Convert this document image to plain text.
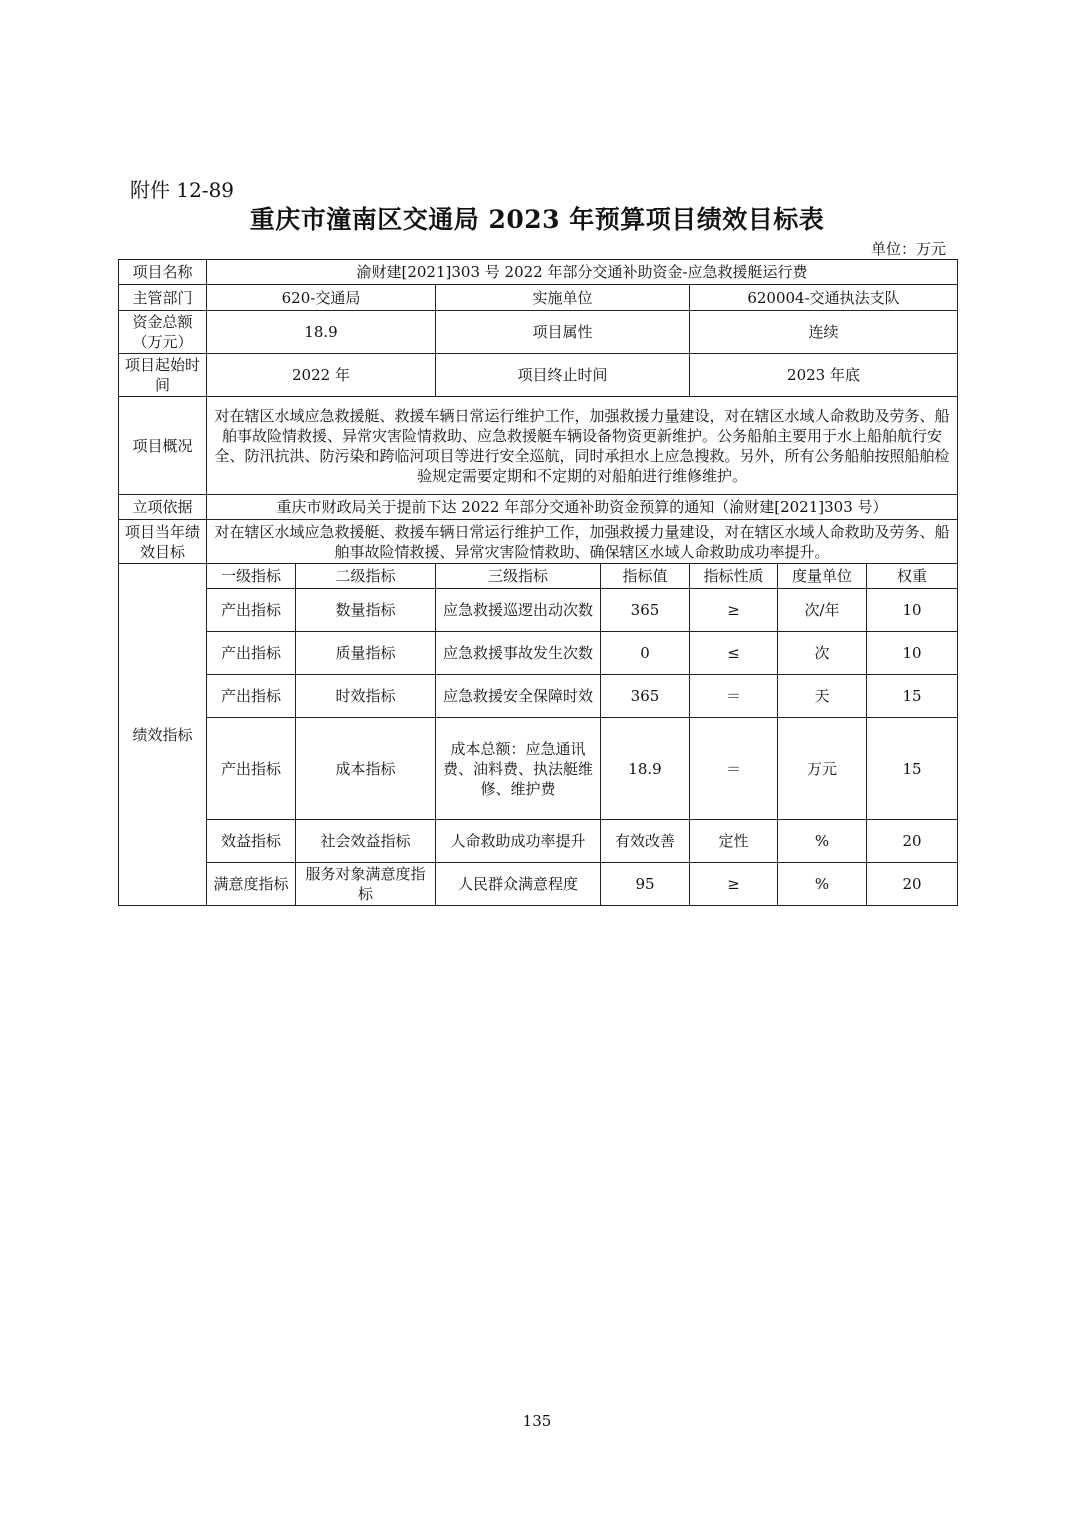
附件 12-89
重庆市潼南区交通局 2023 年预算项目绩效目标表
单位：万元
项目名称	渝财建[2021]303 号 2022 年部分交通补助资金-应急救援艇运行费						
主管部门	620-交通局		实施单位		620004-交通执法支队		
资金总额（万元）	18.9		项目属性		连续		
项目起始时间	2022 年		项目终止时间		2023 年底		
项目概况	对在辖区水域应急救援艇、救援车辆日常运行维护工作，加强救援力量建设，对在辖区水域人命救助及劳务、船舶事故险情救援、异常灾害险情救助、应急救援艇车辆设备物资更新维护。公务船舶主要用于水上船舶航行安全、防汛抗洪、防污染和跨临河项目等进行安全巡航，同时承担水上应急搜救。另外，所有公务船舶按照船舶检验规定需要定期和不定期的对船舶进行维修维护。						
立项依据	重庆市财政局关于提前下达 2022 年部分交通补助资金预算的通知（渝财建[2021]303 号）						
项目当年绩效目标	对在辖区水域应急救援艇、救援车辆日常运行维护工作，加强救援力量建设，对在辖区水域人命救助及劳务、船舶事故险情救援、异常灾害险情救助、确保辖区水域人命救助成功率提升。						
绩效指标	一级指标	二级指标	三级指标	指标值	指标性质	度量单位	权重
	产出指标	数量指标	应急救援巡逻出动次数	365	≥	次/年	10
	产出指标	质量指标	应急救援事故发生次数	0	≤	次	10
	产出指标	时效指标	应急救援安全保障时效	365	＝	天	15
	产出指标	成本指标	成本总额：应急通讯费、油料费、执法艇维修、维护费	18.9	＝	万元	15
	效益指标	社会效益指标	人命救助成功率提升	有效改善	定性	%	20
	满意度指标	服务对象满意度指标	人民群众满意程度	95	≥	%	20
135
